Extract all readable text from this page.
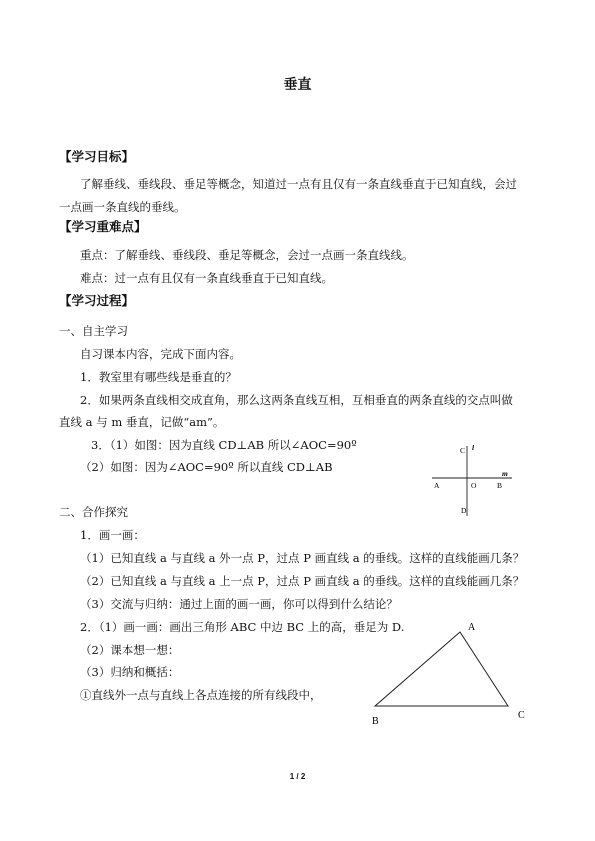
垂直
【学习目标】
了解垂线、垂线段、垂足等概念，知道过一点有且仅有一条直线垂直于已知直线，会过
一点画一条直线的垂线。
【学习重难点】
重点：了解垂线、垂线段、垂足等概念，会过一点画一条直线线。
难点：过一点有且仅有一条直线垂直于已知直线。
【学习过程】
一、自主学习
自习课本内容，完成下面内容。
1．教室里有哪些线是垂直的？
2．如果两条直线相交成直角，那么这两条直线互相，互相垂直的两条直线的交点叫做
直线 a 与 m 垂直，记做“am”。
3．（1）如图：因为直线 CD⊥AB 所以∠AOC=90º
（2）如图：因为∠AOC=90º 所以直线 CD⊥AB
C l
m
A	O	B
D
二、合作探究
1．画一画：
（1）已知直线 a 与直线 a 外一点 P，过点 P 画直线 a 的垂线。这样的直线能画几条？
（2）已知直线 a 与直线 a 上一点 P，过点 P 画直线 a 的垂线。这样的直线能画几条？
（3）交流与归纳：通过上面的画一画，你可以得到什么结论？
2．（1）画一画：画出三角形 ABC 中边 BC 上的高，垂足为 D.
（2）课本想一想：
（3）归纳和概括：
①直线外一点与直线上各点连接的所有线段中，
A
B
C
1 / 2
